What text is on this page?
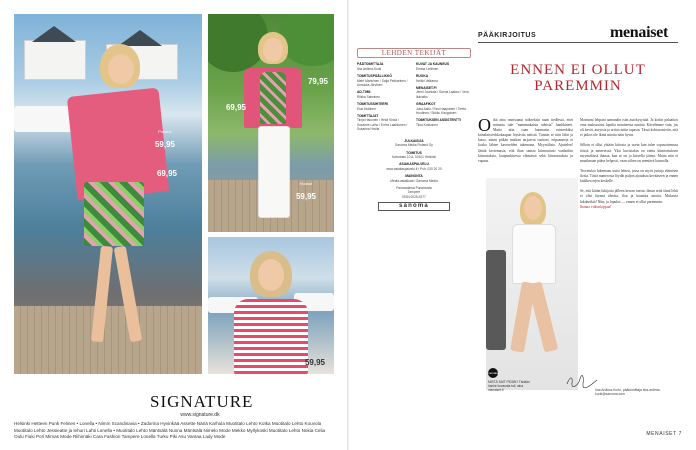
Poncho
59,95
69,95
79,95
69,95
Housut
59,95
59,95
SIGNATURE
www.signature.dk
Helsinki Hetteen Punk Felines • Lonella • Nimm Scandinavia • Zadorina Hyvinkää Assette Näriä Karhula Muotitalo Lehto Kotka Muotitalo Lehto Kouvola Muotitalo Lehto Jessieatte ja lehuri Lahti Lonella • Muotitalo Lehto Mäntsälä Nunna Mäntsälä Nimelo Mode Mekko Myllykoski Muotitalo Lehto Nokia Celia Oulu Fiuki Pori Mimas Mode Riihimäki Cara Fashion Tampere Lonella Turku Piki Asu Vantaa Lady Mode
LEHDEN TEKIJÄT
PÄÄTOIMITTAJA
Iina Ardima-Kurki
TOIMITUSPÄÄLLIKKÖ
Marri Manninen / Saija Pekkarinen / Annukka Järvinen
AD-TIIMI
Riikka Salminen
TOIMITUSSIHTEERI
Essi Mollinen
TOIMITTAJAT
Tiinja Hakonen / Heidi Sirola / Suzanne Laiho / Emmi Laakkonen / Susanna Hovila
KUVAT JA KAUNEUS
Emma Lehtinen
RUOKA
Heikki Valkama
MENAISET.FI
Jenni Jauhiala / Sanna Laakso / Vera Ikävalko
GRAAFIKOT
Juha Aalto / Essi Haapanen / Tertta Huotinen / Sirkku Kauppinen
TOIMITUKSEN ASSISTENTTI
Tiina Kokkonen
JULKAISIJA
Sanoma Media Finland Oy
TOIMITUS
Kaivokatu 10 A, 00101 Helsinki
ASIAKASPALVELU
www.asiakaspalvelu.fi / Puh. 020 20 20
MAINONTA
Media-asiakkaat / Sanoma Media
Painosalama Punamusta
Tampere
ISSN 0025-9277
sanoma
PÄÄKIRJOITUS	menaiset
ENNEN EI OLLUT PAREMMIN
Oikä aina onnistunut näkeeksin naan tiedlessä, ettei minusta tule "mammakaista adeista" hankkineet. Mutta niin vaan huomasin esimerkiksi kiinalaisverkkokaupan löytävän netistä. Tunnin se niin lähti ja katso, miten pitkän matkan tarjoavat tuotteet, eripaanneja ei koska lähtee kavereiden tukemana. Myyntilista. Ajattelen! Jättää kertomasta, että ihan samaa kiinnostusti vanhoihin kiinostuksia, kaupunkisessa elämässä sekä kiinnostuksia ja vapaus.
menaiset
MISTÄ SAIT PIDÄN? Tänään hanke kuvausta tuli, aina menaiset.fi
Mainioni lehpani aamunäin isän autokysyttää. Ja koitin palaation oma muksuvatsi lopulta muutteesta nauttia. Kävelimme vain, jos oli kevät, auryisia ja arttui ristiin tapasin. Tässä kohtaa mietin, että ei jatkos ole ikinä asioita näin hyvin.

Silloin ei ollut yhtään kiitosta ja usein kun tulee sopusoinnussa töissä ja menevissä. Yksi kuvistakin on otettu kiinnostuksen myymälässä ihanaa, kun se on jo kaivella jäänyt. Mutta niin ei maailmaan pääse helposti, vaan siihen on mentävä kunnolla.

Tervetuloa lukemaan uutta lehteä, jossa on myös juttuja elämisen ilosta. Tästä numerosta löydät paljon ajatuksia kevääseen ja ennen kaikkea arjen keskelle.

Se, että kiitän lukijoita jälleen kerran tuesta: ilman teitä tämä lehti ei olisi täynnä ideoita, iloa ja kauniita asioita. Mukavia lukuhetkiä! Niin, ja lopuksi — ennen ei ollut paremmin.
Ihanaa viikonloppua!
Iina Ardima-Kurki, päätoimittaja iina.ardima-kurki@sanoma.com
MENAISET 7
